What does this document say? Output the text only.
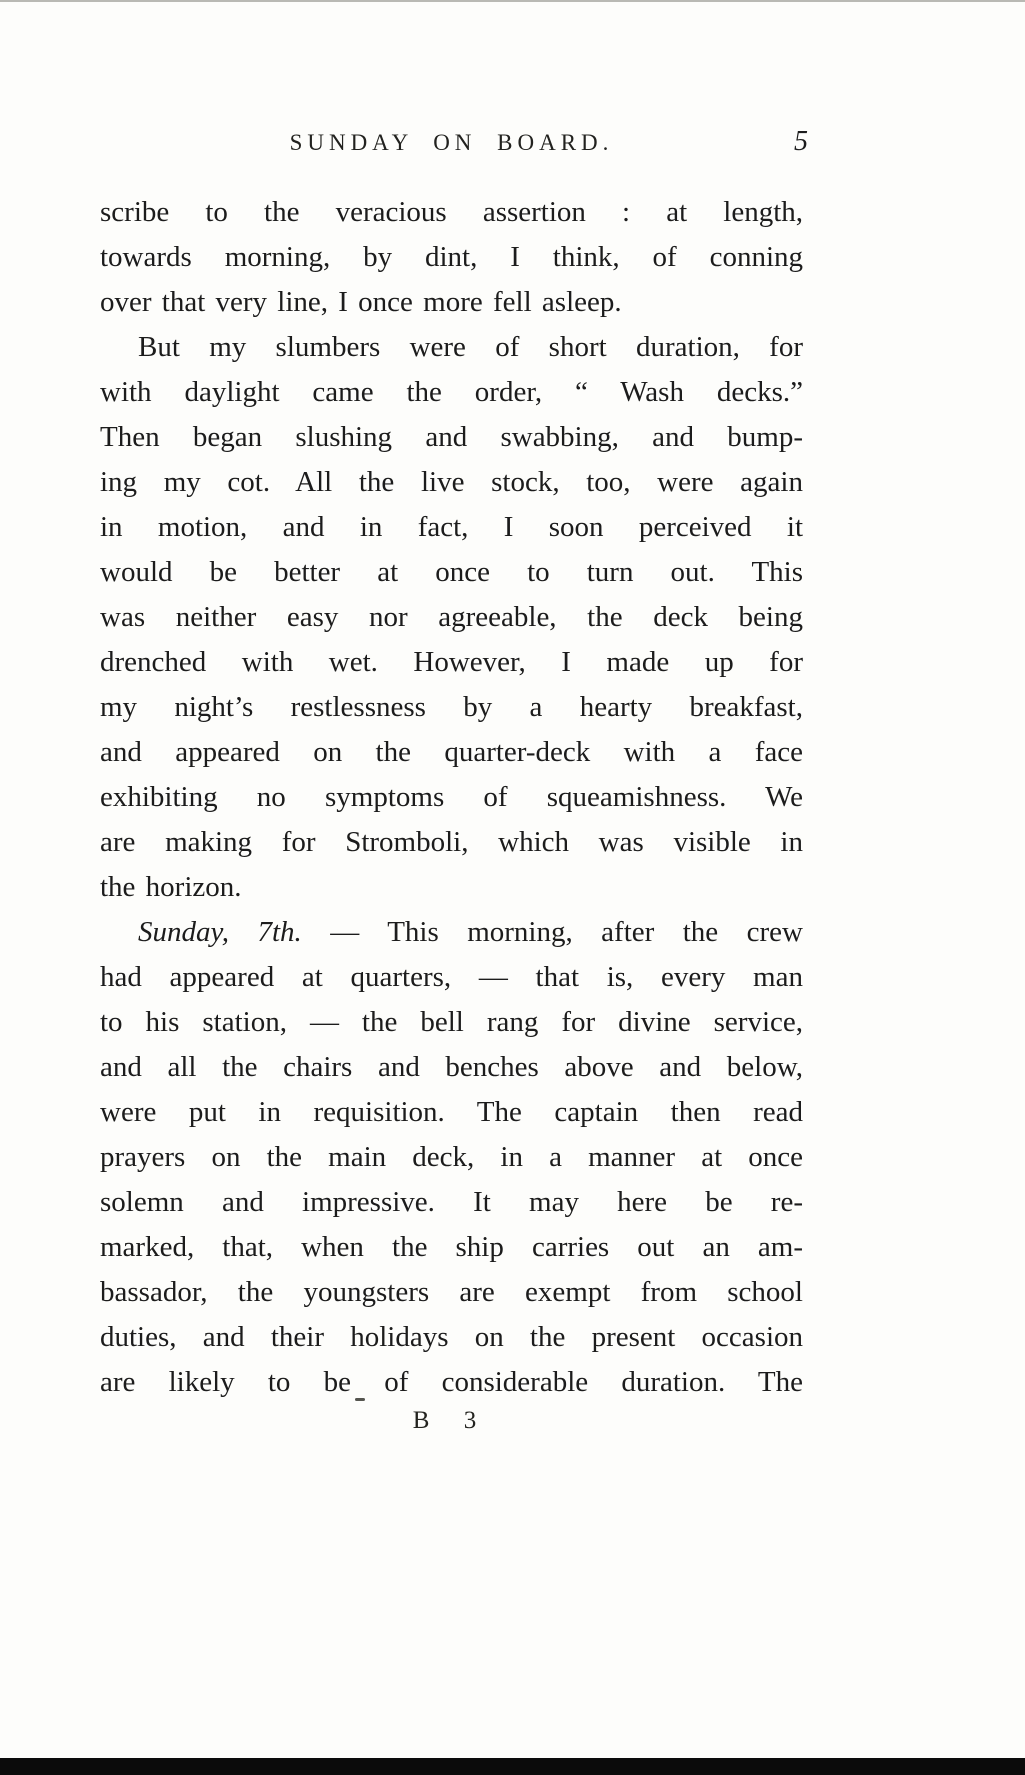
SUNDAY ON BOARD.	5
scribe to the veracious assertion : at length,
towards morning, by dint, I think, of conning
over that very line, I once more fell asleep.
But my slumbers were of short duration, for
with daylight came the order, “ Wash decks.”
Then began slushing and swabbing, and bump-
ing my cot. All the live stock, too, were again
in motion, and in fact, I soon perceived it
would be better at once to turn out. This
was neither easy nor agreeable, the deck being
drenched with wet. However, I made up for
my night’s restlessness by a hearty breakfast,
and appeared on the quarter-deck with a face
exhibiting no symptoms of squeamishness. We
are making for Stromboli, which was visible in
the horizon.
Sunday, 7th. — This morning, after the crew
had appeared at quarters, — that is, every man
to his station, — the bell rang for divine service,
and all the chairs and benches above and below,
were put in requisition. The captain then read
prayers on the main deck, in a manner at once
solemn and impressive. It may here be re-
marked, that, when the ship carries out an am-
bassador, the youngsters are exempt from school
duties, and their holidays on the present occasion
are likely to be of considerable duration. The
B 3
